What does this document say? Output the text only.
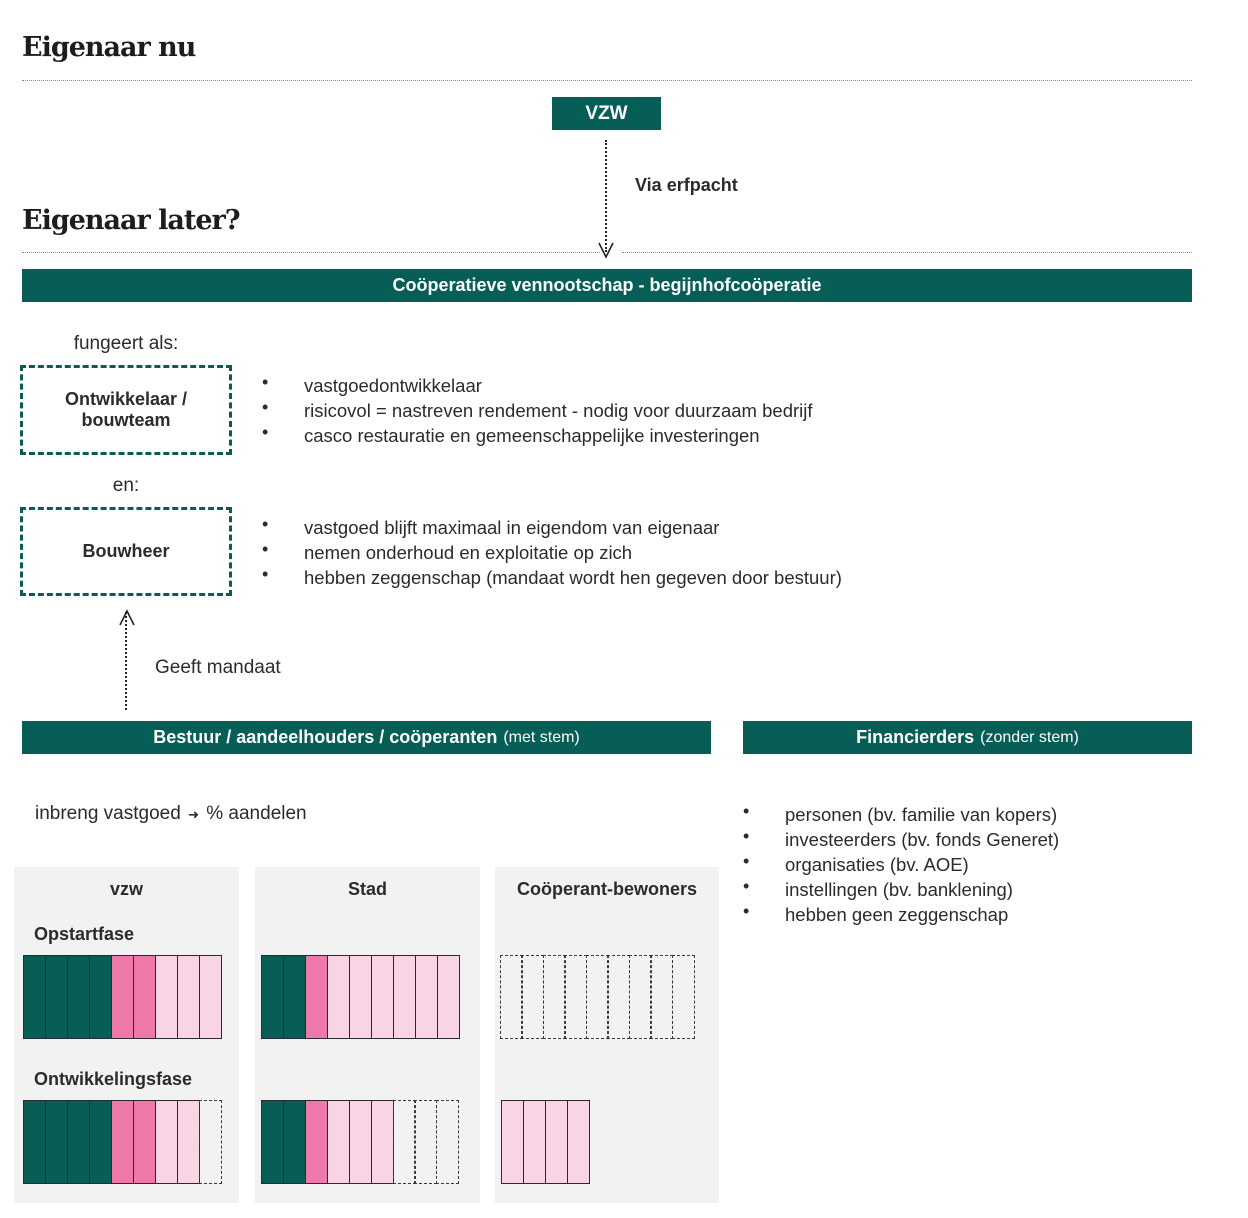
Eigenaar nu
VZW
Via erfpacht
Eigenaar later?
Coöperatieve vennootschap - begijnhofcoöperatie
fungeert als:
Ontwikkelaar / bouwteam
• vastgoedontwikkelaar
• risicovol = nastreven rendement - nodig voor duurzaam bedrijf
• casco restauratie en gemeenschappelijke investeringen
en:
Bouwheer
• vastgoed blijft maximaal in eigendom van eigenaar
• nemen onderhoud en exploitatie op zich
• hebben zeggenschap (mandaat wordt hen gegeven door bestuur)
Geeft mandaat
Bestuur / aandeelhouders / coöperanten (met stem)	Financierders (zonder stem)
inbreng vastgoed ➜ % aandelen
•	personen (bv. familie van kopers)
• investeerders (bv. fonds Generet)
• organisaties (bv. AOE)
• instellingen (bv. banklening)
• hebben geen zeggenschap
vzw
Opstartfase
Ontwikkelingsfase
Stad	Coöperant-bewoners
